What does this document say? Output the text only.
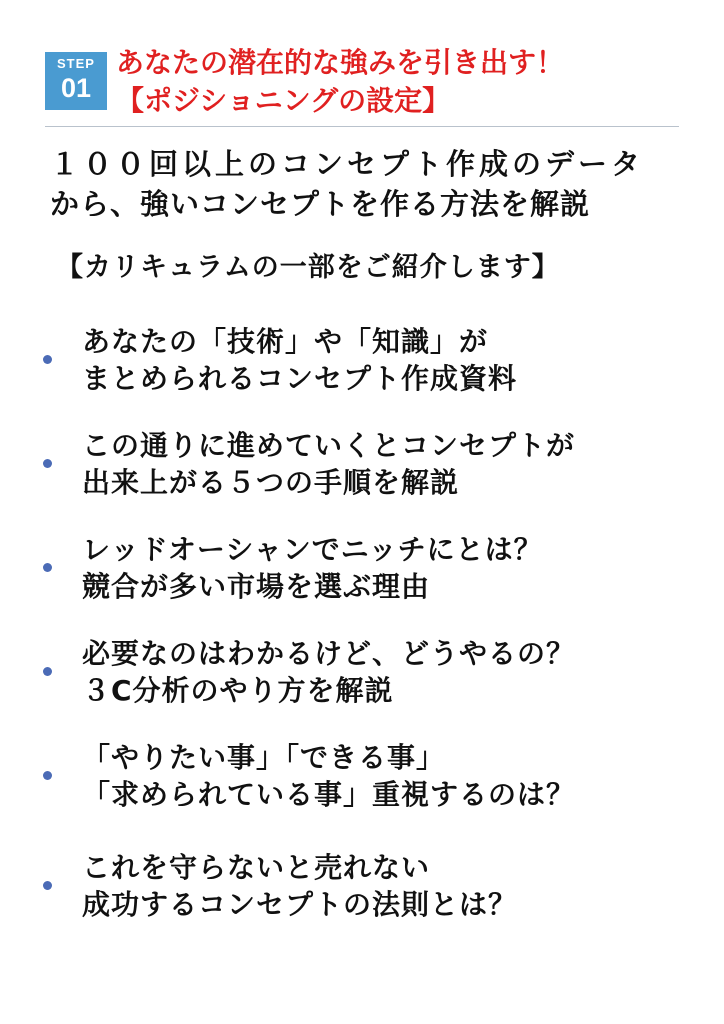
STEP
01
あなたの潜在的な強みを引き出す！
【ポジショニングの設定】
１００回以上のコンセプト作成のデータ
から、強いコンセプトを作る方法を解説
【カリキュラムの一部をご紹介します】
あなたの「技術」や「知識」が
まとめられるコンセプト作成資料
この通りに進めていくとコンセプトが
出来上がる５つの手順を解説
レッドオーシャンでニッチにとは？
競合が多い市場を選ぶ理由
必要なのはわかるけど、どうやるの？
３C分析のやり方を解説
「やりたい事」「できる事」
「求められている事」重視するのは？
これを守らないと売れない
成功するコンセプトの法則とは？
